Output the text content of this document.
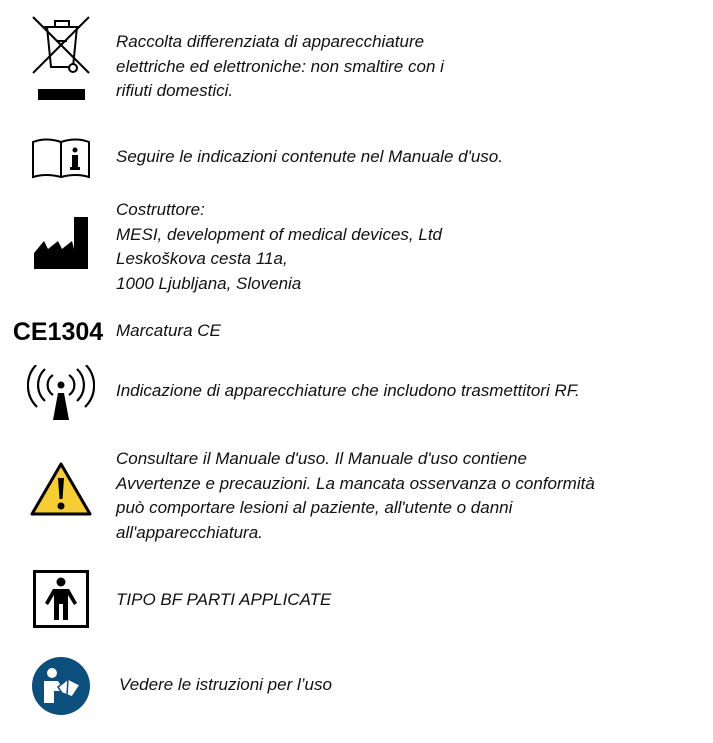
Raccolta differenziata di apparecchiature
elettriche ed elettroniche: non smaltire con i
rifiuti domestici.
Seguire le indicazioni contenute nel Manuale d'uso.
Costruttore:
MESI, development of medical devices, Ltd
Leskoškova cesta 11a,
1000 Ljubljana, Slovenia
CE1304 Marcatura CE
Indicazione di apparecchiature che includono trasmettitori RF.
Consultare il Manuale d'uso. Il Manuale d'uso contiene
Avvertenze e precauzioni. La mancata osservanza o conformità
può comportare lesioni al paziente, all'utente o danni
all'apparecchiatura.
TIPO BF PARTI APPLICATE
Vedere le istruzioni per l’uso
